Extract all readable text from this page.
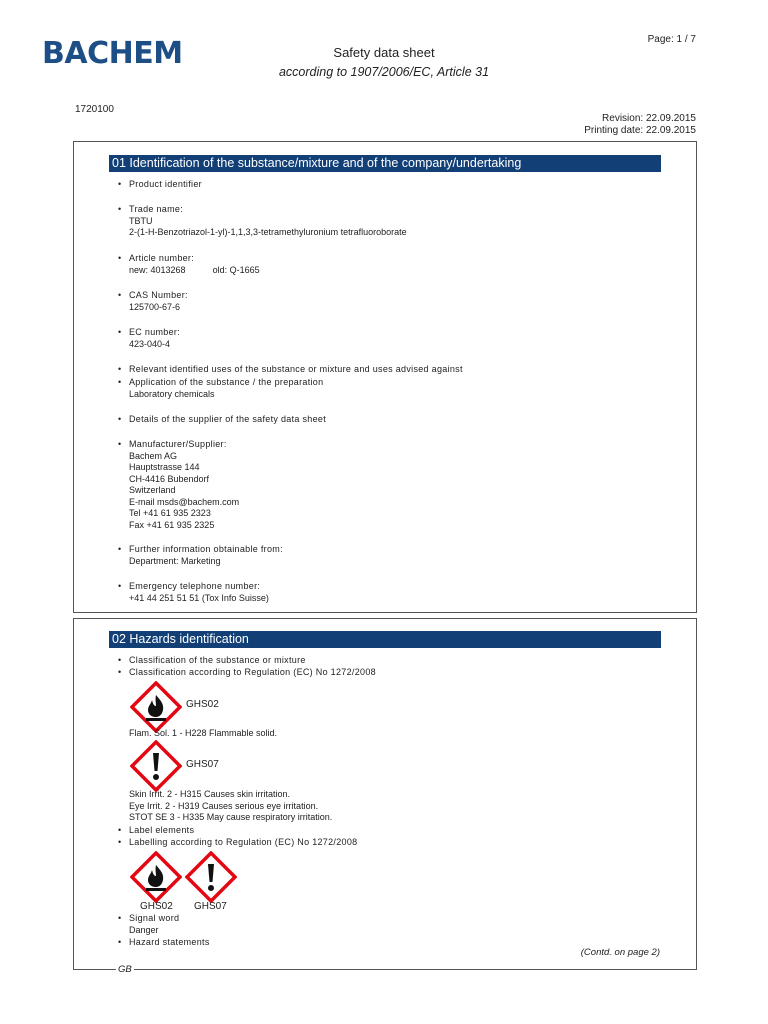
BACHEM	Safety data sheet
according to 1907/2006/EC, Article 31
Page: 1 / 7
1720100
Revision: 22.09.2015
Printing date: 22.09.2015
01 Identification of the substance/mixture and of the company/undertaking
• Product identifier
• Trade name:
TBTU
2-(1-H-Benzotriazol-1-yl)-1,1,3,3-tetramethyluronium tetrafluoroborate
• Article number:
new: 4013268	old: Q-1665
• CAS Number:
125700-67-6
• EC number:
423-040-4
• Relevant identified uses of the substance or mixture and uses advised against
• Application of the substance / the preparation
Laboratory chemicals
• Details of the supplier of the safety data sheet
• Manufacturer/Supplier:
Bachem AG
Hauptstrasse 144
CH-4416 Bubendorf
Switzerland
E-mail msds@bachem.com
Tel +41 61 935 2323
Fax +41 61 935 2325
• Further information obtainable from:
Department: Marketing
• Emergency telephone number:
+41 44 251 51 51 (Tox Info Suisse)
02 Hazards identification
• Classification of the substance or mixture
• Classification according to Regulation (EC) No 1272/2008
GHS02
Flam. Sol. 1 - H228 Flammable solid.
GHS07
Skin Irrit. 2 - H315 Causes skin irritation.
Eye Irrit. 2 - H319 Causes serious eye irritation.
STOT SE 3 - H335 May cause respiratory irritation.
• Label elements
• Labelling according to Regulation (EC) No 1272/2008
GHS02 GHS07
• Signal word
Danger
• Hazard statements
(Contd. on page 2)
GB
